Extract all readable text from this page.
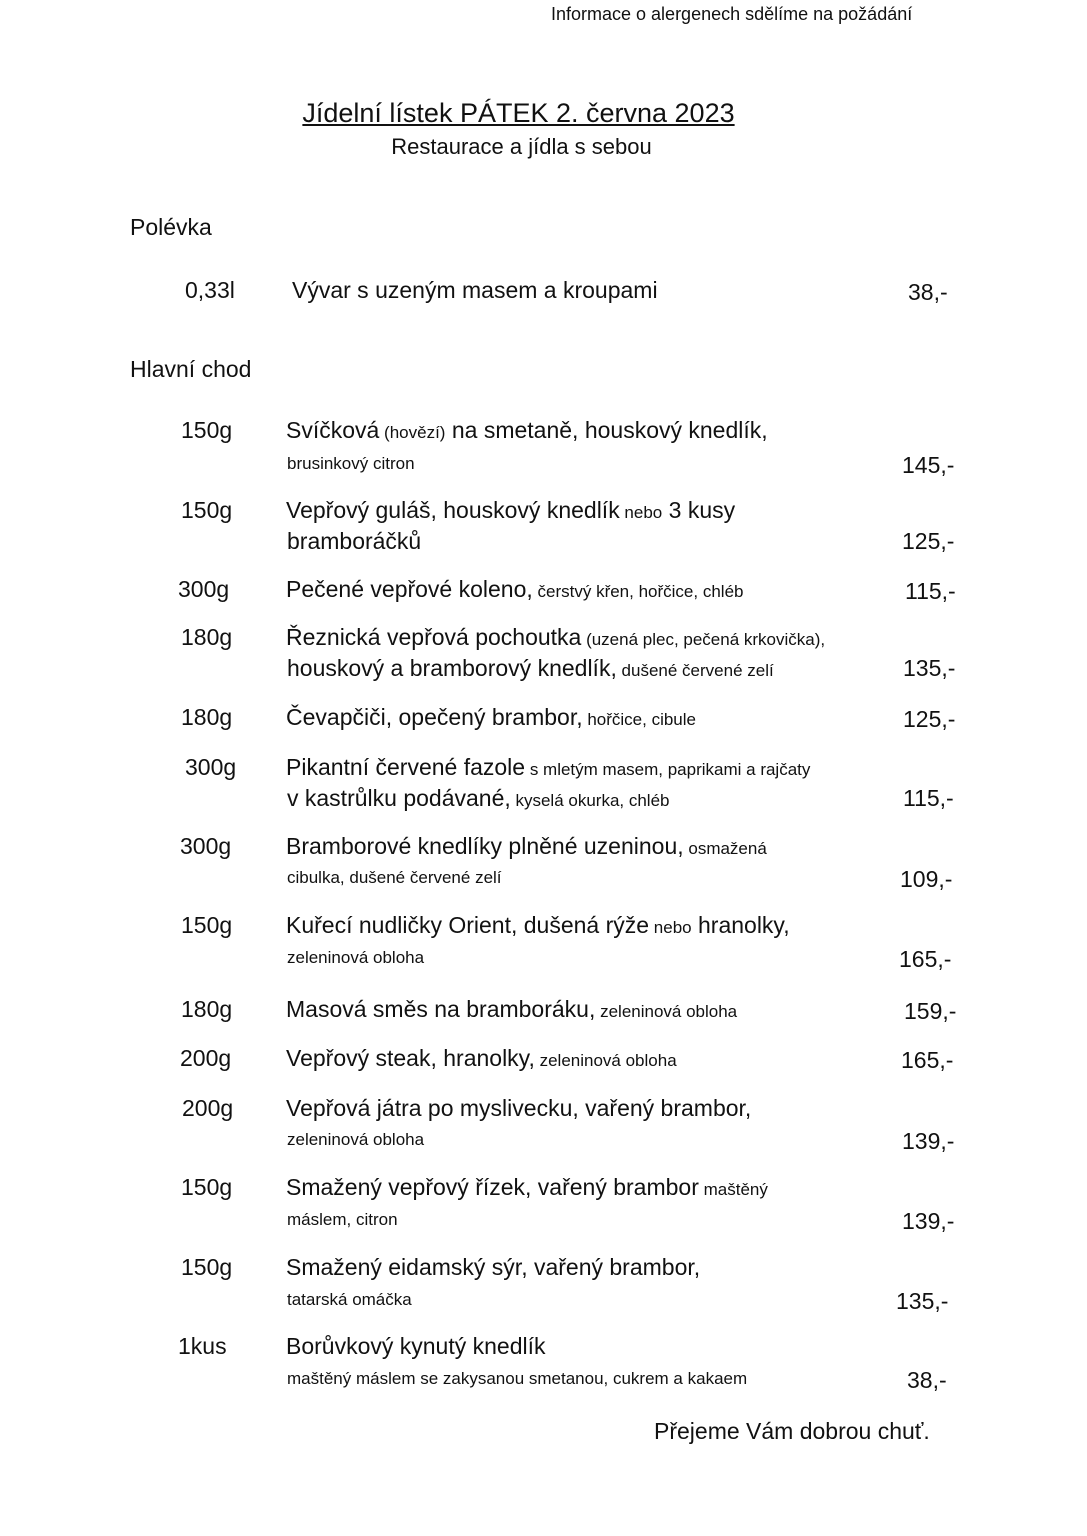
Informace o alergenech sdělíme na požádání
Jídelní lístek PÁTEK 2. června 2023
Restaurace a jídla s sebou
Polévka
0,33l Vývar s uzeným masem a kroupami	38,-
Hlavní chod
150g Svíčková (hovězí) na smetaně, houskový knedlík,
brusinkový citron	145,-
150g Vepřový guláš, houskový knedlík nebo 3 kusy
bramboráčků	125,-
300g Pečené vepřové koleno, čerstvý křen, hořčice, chléb	115,-
180g Řeznická vepřová pochoutka (uzená plec, pečená krkovička),
houskový a bramborový knedlík, dušené červené zelí	135,-
180g Čevapčiči, opečený brambor, hořčice, cibule	125,-
300g Pikantní červené fazole s mletým masem, paprikami a rajčaty
v kastrůlku podávané, kyselá okurka, chléb	115,-
300g Bramborové knedlíky plněné uzeninou, osmažená
cibulka, dušené červené zelí	109,-
150g Kuřecí nudličky Orient, dušená rýže nebo hranolky,
zeleninová obloha	165,-
180g Masová směs na bramboráku, zeleninová obloha	159,-
200g Vepřový steak, hranolky, zeleninová obloha	165,-
200g Vepřová játra po myslivecku, vařený brambor,
zeleninová obloha	139,-
150g Smažený vepřový řízek, vařený brambor maštěný
máslem, citron	139,-
150g Smažený eidamský sýr, vařený brambor,
tatarská omáčka	135,-
1kus	Borůvkový kynutý knedlík
maštěný máslem se zakysanou smetanou, cukrem a kakaem	38,-
Přejeme Vám dobrou chuť.
